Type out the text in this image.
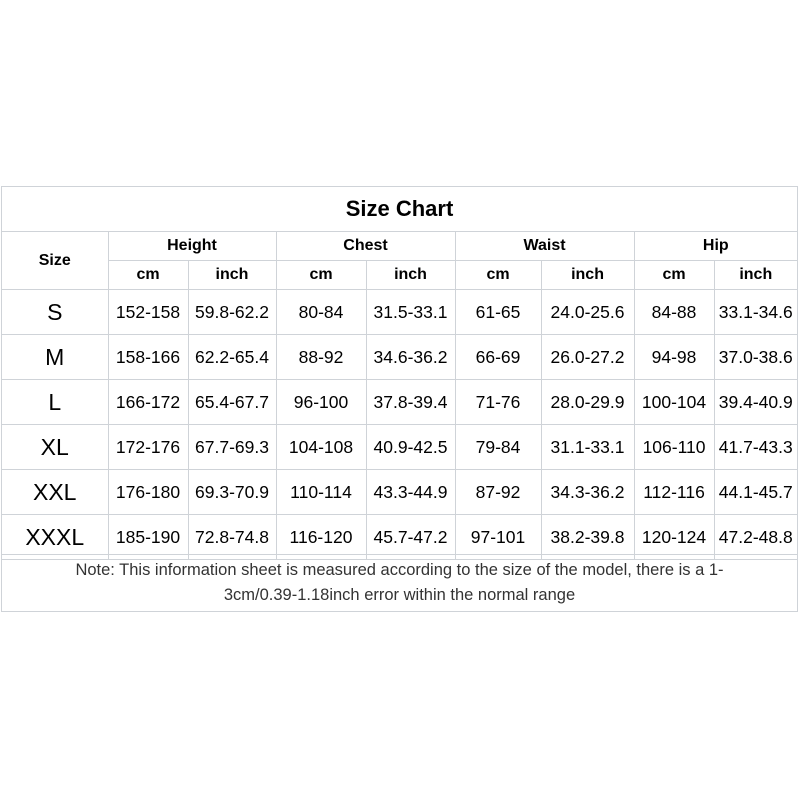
Size Chart
Size	Height		Chest		Waist		Hip	
	cm	inch	cm	inch	cm	inch	cm	inch
S	152-158	59.8-62.2	80-84	31.5-33.1	61-65	24.0-25.6	84-88	33.1-34.6
M	158-166	62.2-65.4	88-92	34.6-36.2	66-69	26.0-27.2	94-98	37.0-38.6
L	166-172	65.4-67.7	96-100	37.8-39.4	71-76	28.0-29.9	100-104	39.4-40.9
XL	172-176	67.7-69.3	104-108	40.9-42.5	79-84	31.1-33.1	106-110	41.7-43.3
XXL	176-180	69.3-70.9	110-114	43.3-44.9	87-92	34.3-36.2	112-116	44.1-45.7
XXXL	185-190	72.8-74.8	116-120	45.7-47.2	97-101	38.2-39.8	120-124	47.2-48.8
Note: This information sheet is measured according to the size of the model, there is a 1-
3cm/0.39-1.18inch error within the normal range
